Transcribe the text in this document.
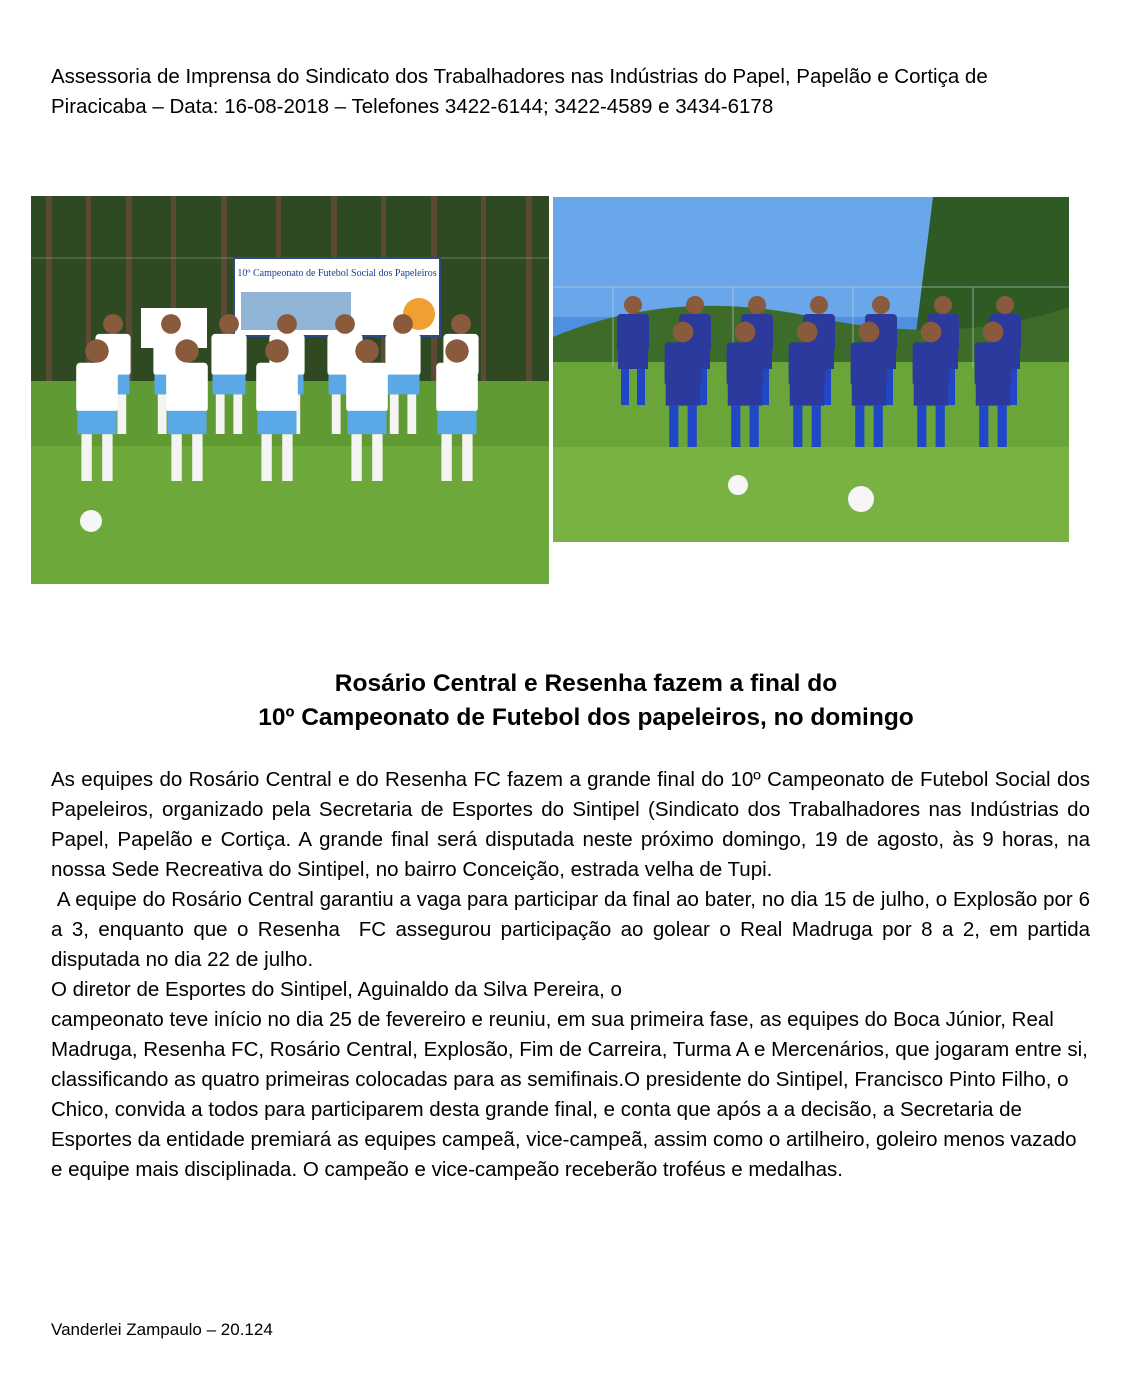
Assessoria de Imprensa do Sindicato dos Trabalhadores nas Indústrias do Papel, Papelão e Cortiça de
Piracicaba – Data: 16-08-2018 – Telefones 3422-6144; 3422-4589 e 3434-6178
10º Campeonato de Futebol Social dos Papeleiros
Rosário Central e Resenha fazem a final do
10º Campeonato de Futebol dos papeleiros, no domingo

As equipes do Rosário Central e do Resenha FC fazem a grande final do 10º Campeonato de Futebol Social dos Papeleiros, organizado pela Secretaria de Esportes do Sintipel (Sindicato dos Trabalhadores nas Indústrias do Papel, Papelão e Cortiça. A grande final será disputada neste próximo domingo, 19 de agosto, às 9 horas, na nossa Sede Recreativa do Sintipel, no bairro Conceição, estrada velha de Tupi.

A equipe do Rosário Central garantiu a vaga para participar da final ao bater, no dia 15 de julho, o Explosão por 6 a 3, enquanto que o Resenha  FC assegurou participação ao golear o Real Madruga por 8 a 2, em partida disputada no dia 22 de julho.

O diretor de Esportes do Sintipel, Aguinaldo da Silva Pereira, o

campeonato teve início no dia 25 de fevereiro e reuniu, em sua primeira fase, as equipes do Boca Júnior, Real Madruga, Resenha FC, Rosário Central, Explosão, Fim de Carreira, Turma A e Mercenários, que jogaram entre si, classificando as quatro primeiras colocadas para as semifinais.O presidente do Sintipel, Francisco Pinto Filho, o Chico, convida a todos para participarem desta grande final, e conta que após a a decisão, a Secretaria de Esportes da entidade premiará as equipes campeã, vice-campeã, assim como o artilheiro, goleiro menos vazado e equipe mais disciplinada. O campeão e vice-campeão receberão troféus e medalhas.

Vanderlei Zampaulo – 20.124
